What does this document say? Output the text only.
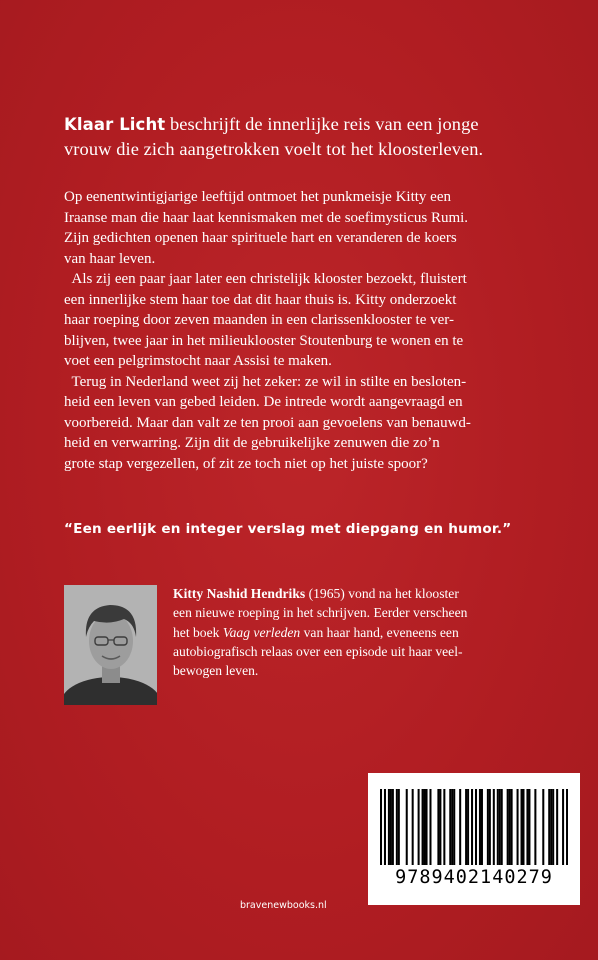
Klaar Licht beschrijft de innerlijke reis van een jonge
vrouw die zich aangetrokken voelt tot het kloosterleven.

Op eenentwintigjarige leeftijd ontmoet het punkmeisje Kitty een

Iraanse man die haar laat kennismaken met de soefimysticus Rumi.

Zijn gedichten openen haar spirituele hart en veranderen de koers

van haar leven.

Als zij een paar jaar later een christelijk klooster bezoekt, fluistert

een innerlijke stem haar toe dat dit haar thuis is. Kitty onderzoekt

haar roeping door zeven maanden in een clarissenklooster te ver-

blijven, twee jaar in het milieuklooster Stoutenburg te wonen en te

voet een pelgrimstocht naar Assisi te maken.

Terug in Nederland weet zij het zeker: ze wil in stilte en besloten-

heid een leven van gebed leiden. De intrede wordt aangevraagd en

voorbereid. Maar dan valt ze ten prooi aan gevoelens van benauwd-

heid en verwarring. Zijn dit de gebruikelijke zenuwen die zo’n

grote stap vergezellen, of zit ze toch niet op het juiste spoor?

“Een eerlijk en integer verslag met diepgang en humor.”

Kitty Nashid Hendriks (1965) vond na het klooster

een nieuwe roeping in het schrijven. Eerder verscheen

het boek Vaag verleden van haar hand, eveneens een

autobiografisch relaas over een episode uit haar veel-

bewogen leven.

9789402140279
bravenewbooks.nl
